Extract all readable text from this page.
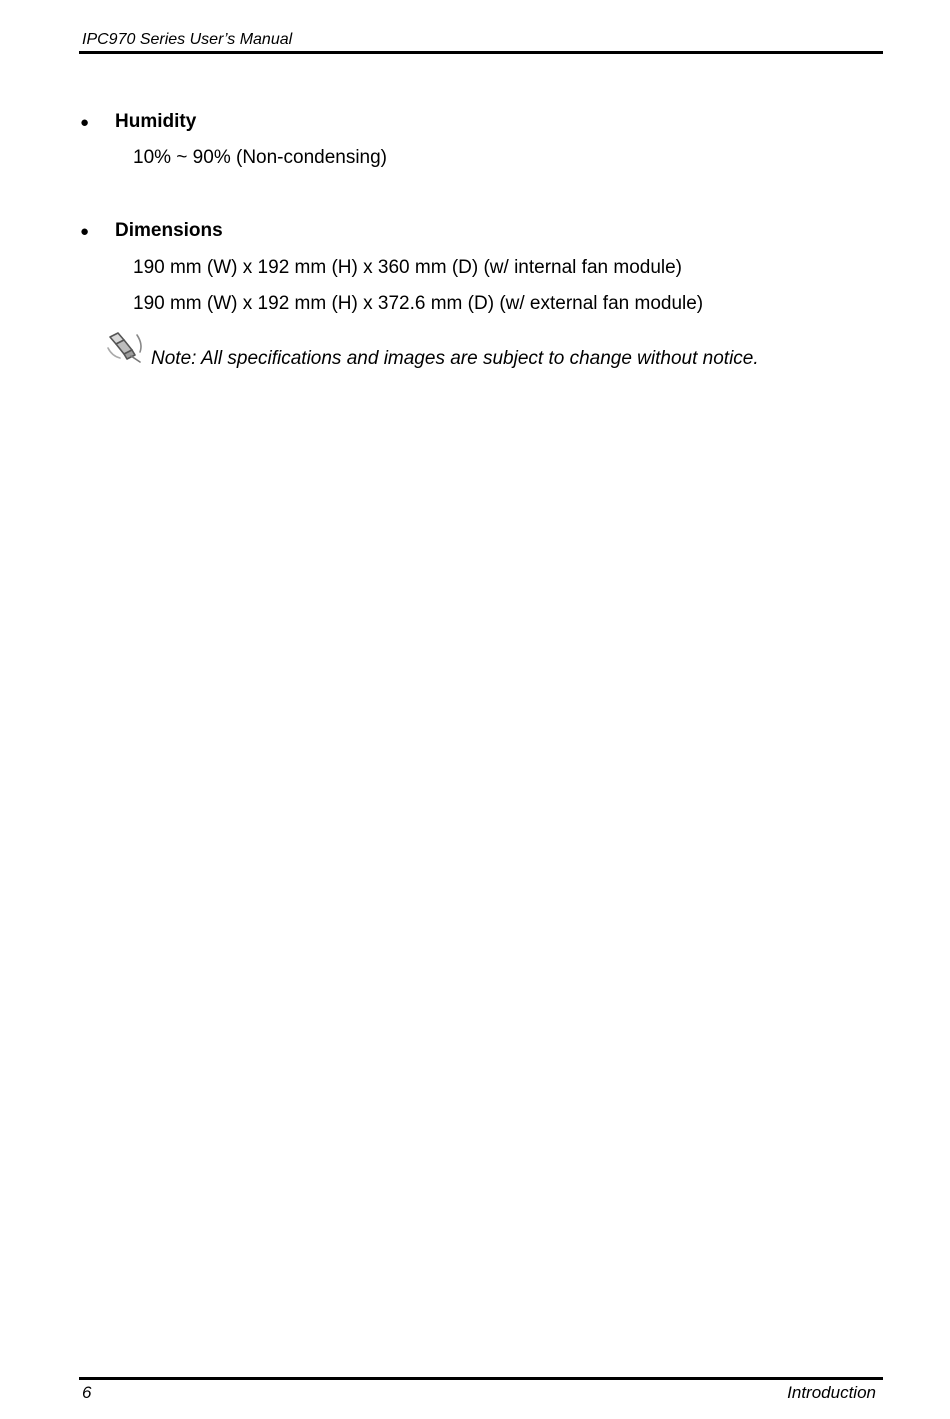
IPC970 Series User’s Manual
● Humidity
10% ~ 90% (Non-condensing)
● Dimensions
190 mm (W) x 192 mm (H) x 360 mm (D) (w/ internal fan module)
190 mm (W) x 192 mm (H) x 372.6 mm (D) (w/ external fan module)
Note: All specifications and images are subject to change without notice.
6	Introduction
